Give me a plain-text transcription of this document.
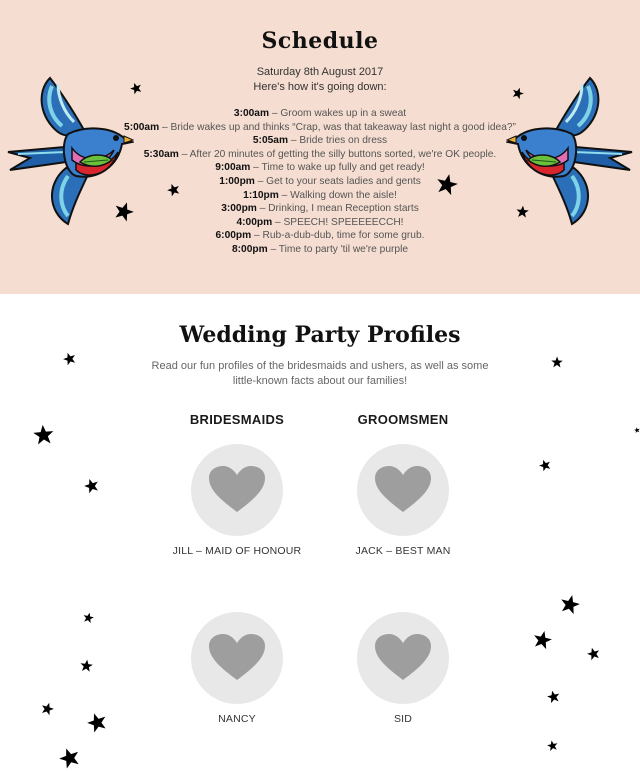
Schedule
Saturday 8th August 2017
Here's how it's going down:
3:00am – Groom wakes up in a sweat
5:00am – Bride wakes up and thinks “Crap, was that takeaway last night a good idea?”
5:05am – Bride tries on dress
5:30am – After 20 minutes of getting the silly buttons sorted, we're OK people.
9:00am – Time to wake up fully and get ready!
1:00pm – Get to your seats ladies and gents
1:10pm – Walking down the aisle!
3:00pm – Drinking, I mean Reception starts
4:00pm – SPEECH! SPEEEEECCH!
6:00pm – Rub-a-dub-dub, time for some grub.
8:00pm – Time to party 'til we're purple
Wedding Party Profiles

Read our fun profiles of the bridesmaids and ushers, as well as some little-known facts about our families!

BRIDESMAIDS	GROOMSMEN
JILL – MAID OF HONOUR	JACK – BEST MAN
NANCY	SID
